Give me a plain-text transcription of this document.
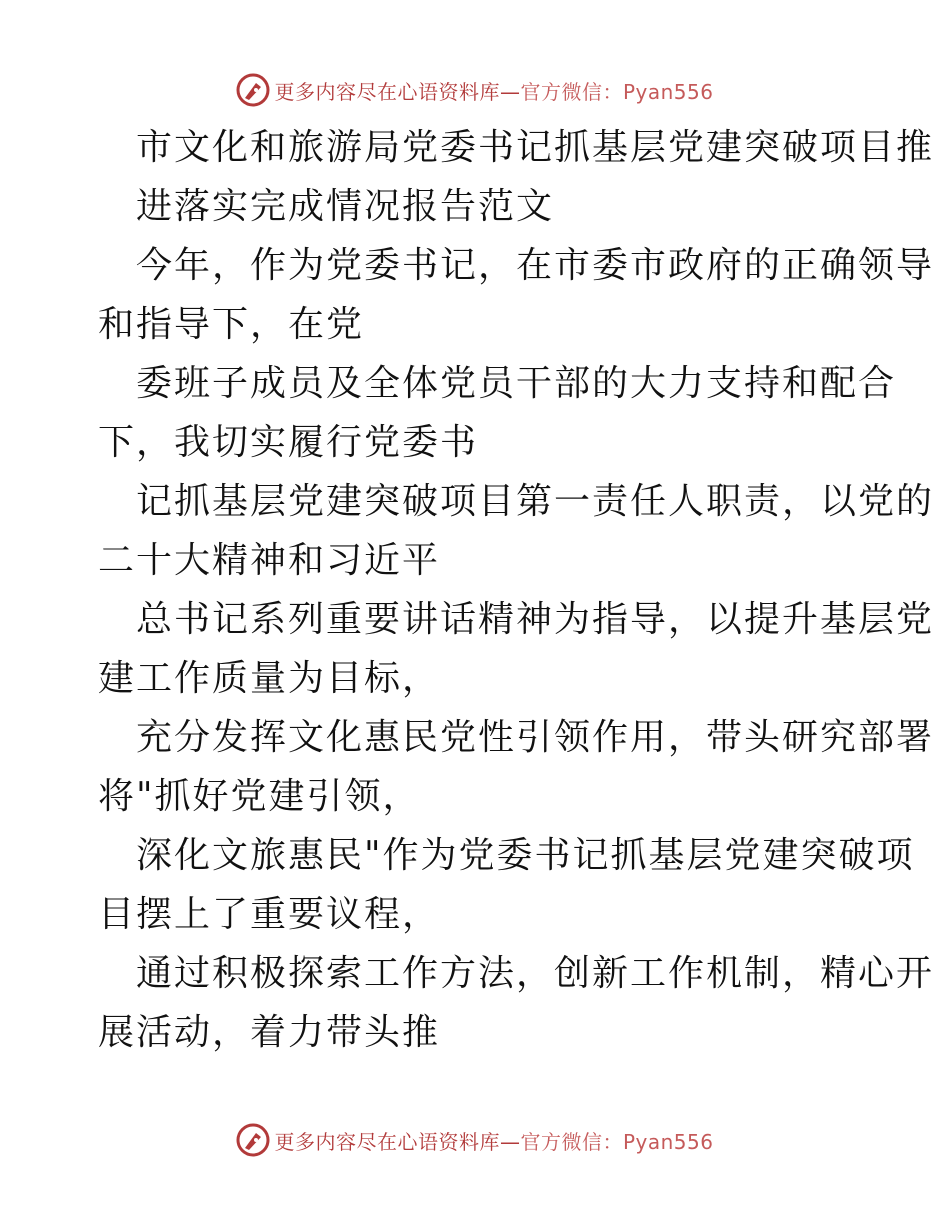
更多内容尽在心语资料库—官方微信：Pyan556
市文化和旅游局党委书记抓基层党建突破项目推
进落实完成情况报告范文
今年，作为党委书记，在市委市政府的正确领导
和指导下，在党
委班子成员及全体党员干部的大力支持和配合
下，我切实履行党委书
记抓基层党建突破项目第一责任人职责，以党的
二十大精神和习近平
总书记系列重要讲话精神为指导，以提升基层党
建工作质量为目标，
充分发挥文化惠民党性引领作用，带头研究部署
将"抓好党建引领，
深化文旅惠民"作为党委书记抓基层党建突破项
目摆上了重要议程，
通过积极探索工作方法，创新工作机制，精心开
展活动，着力带头推
更多内容尽在心语资料库—官方微信：Pyan556
